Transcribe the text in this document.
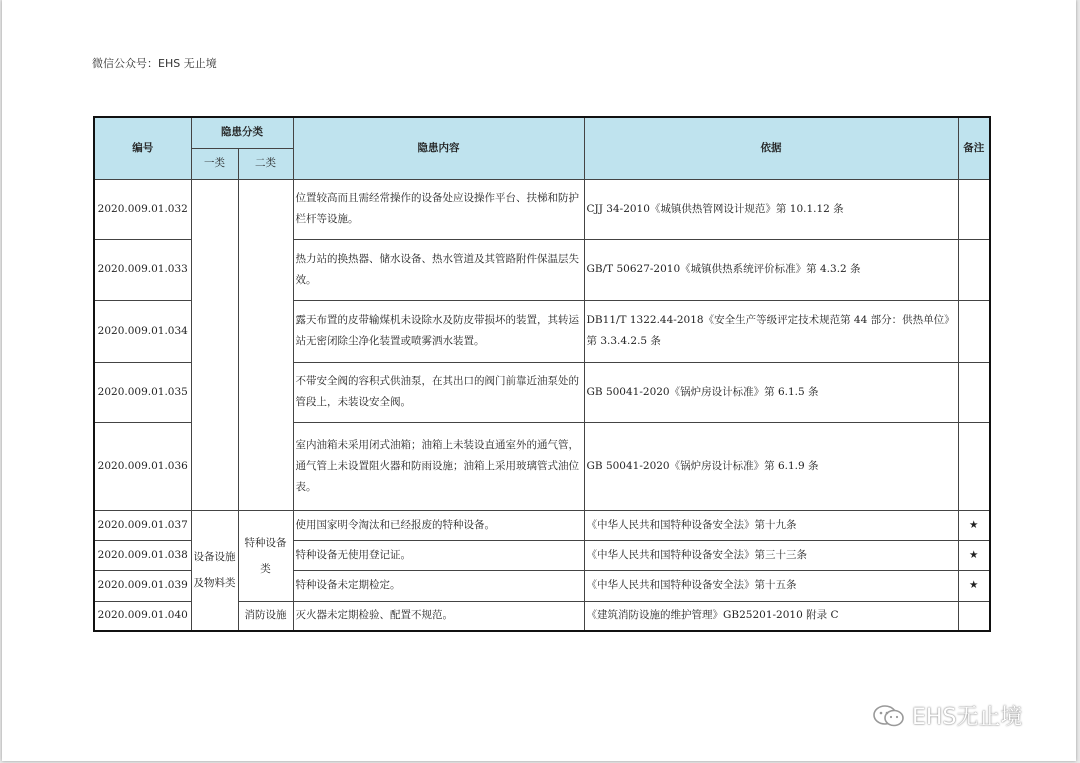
微信公众号：EHS 无止境
编号	隐患分类		隐患内容	依据	备注
	一类	二类			
2020.009.01.032			位置较高而且需经常操作的设备处应设操作平台、扶梯和防护栏杆等设施。	CJJ 34-2010《城镇供热管网设计规范》第 10.1.12 条	
2020.009.01.033			热力站的换热器、储水设备、热水管道及其管路附件保温层失效。	GB/T 50627-2010《城镇供热系统评价标准》第 4.3.2 条	
2020.009.01.034			露天布置的皮带输煤机未设除水及防皮带损坏的装置，其转运站无密闭除尘净化装置或喷雾洒水装置。	DB11/T 1322.44-2018《安全生产等级评定技术规范第 44 部分：供热单位》第 3.3.4.2.5 条	
2020.009.01.035			不带安全阀的容积式供油泵，在其出口的阀门前靠近油泵处的管段上，未装设安全阀。	GB 50041-2020《锅炉房设计标准》第 6.1.5 条	
2020.009.01.036			室内油箱未采用闭式油箱；油箱上未装设直通室外的通气管，通气管上未设置阻火器和防雨设施；油箱上采用玻璃管式油位表。	GB 50041-2020《锅炉房设计标准》第 6.1.9 条	
2020.009.01.037	设备设施及物料类	特种设备类	使用国家明令淘汰和已经报废的特种设备。	《中华人民共和国特种设备安全法》第十九条	★
2020.009.01.038			特种设备无使用登记证。	《中华人民共和国特种设备安全法》第三十三条	★
2020.009.01.039			特种设备未定期检定。	《中华人民共和国特种设备安全法》第十五条	★
2020.009.01.040		消防设施	灭火器未定期检验、配置不规范。	《建筑消防设施的维护管理》GB25201-2010 附录 C	
EHS无止境
